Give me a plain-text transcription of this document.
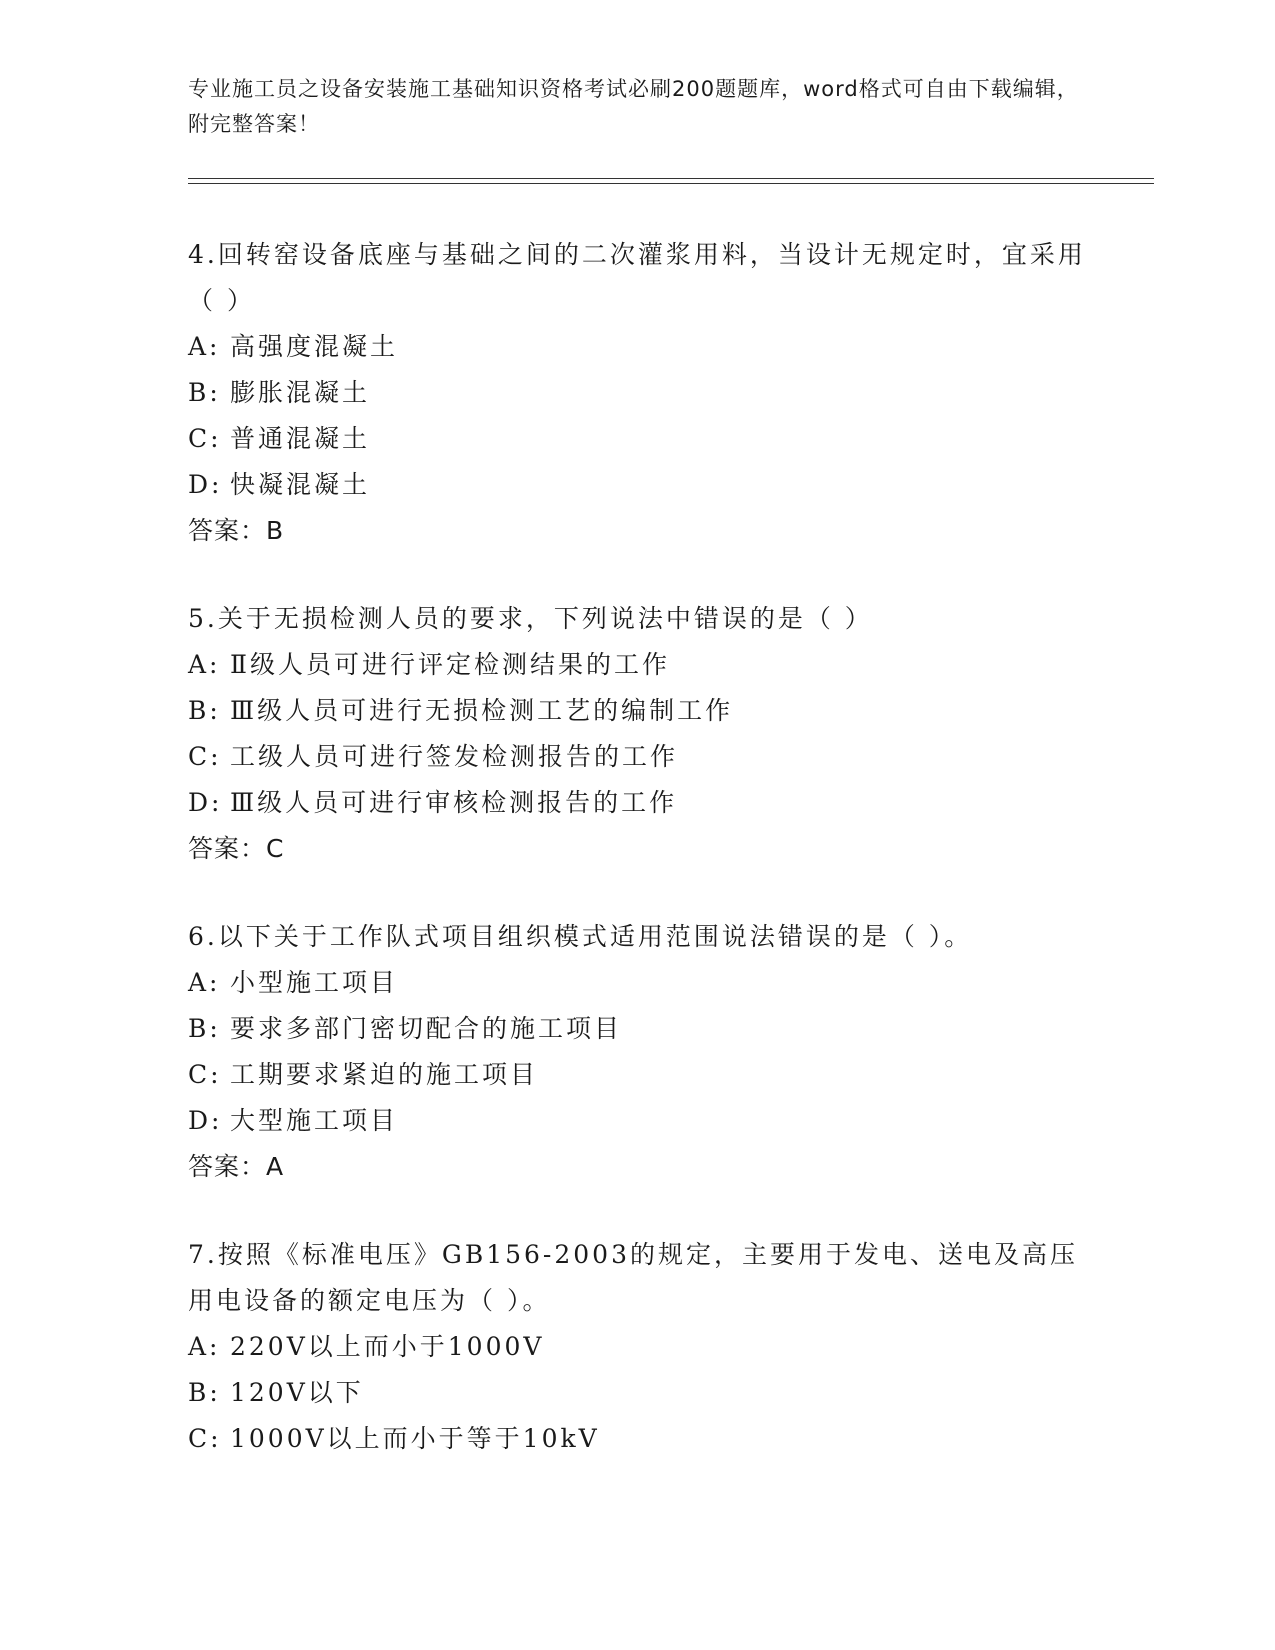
专业施工员之设备安装施工基础知识资格考试必刷200题题库，word格式可自由下载编辑，附完整答案！
4.回转窑设备底座与基础之间的二次灌浆用料，当设计无规定时，宜采用（ ）
A: 高强度混凝土
B: 膨胀混凝土
C: 普通混凝土
D: 快凝混凝土
答案：B
5.关于无损检测人员的要求，下列说法中错误的是（ ）
A: Ⅱ级人员可进行评定检测结果的工作
B: Ⅲ级人员可进行无损检测工艺的编制工作
C: 工级人员可进行签发检测报告的工作
D: Ⅲ级人员可进行审核检测报告的工作
答案：C
6.以下关于工作队式项目组织模式适用范围说法错误的是（ ）。
A: 小型施工项目
B: 要求多部门密切配合的施工项目
C: 工期要求紧迫的施工项目
D: 大型施工项目
答案：A
7.按照《标准电压》GB156-2003的规定，主要用于发电、送电及高压用电设备的额定电压为（ ）。
A: 220V以上而小于1000V
B: 120V以下
C: 1000V以上而小于等于10kV
